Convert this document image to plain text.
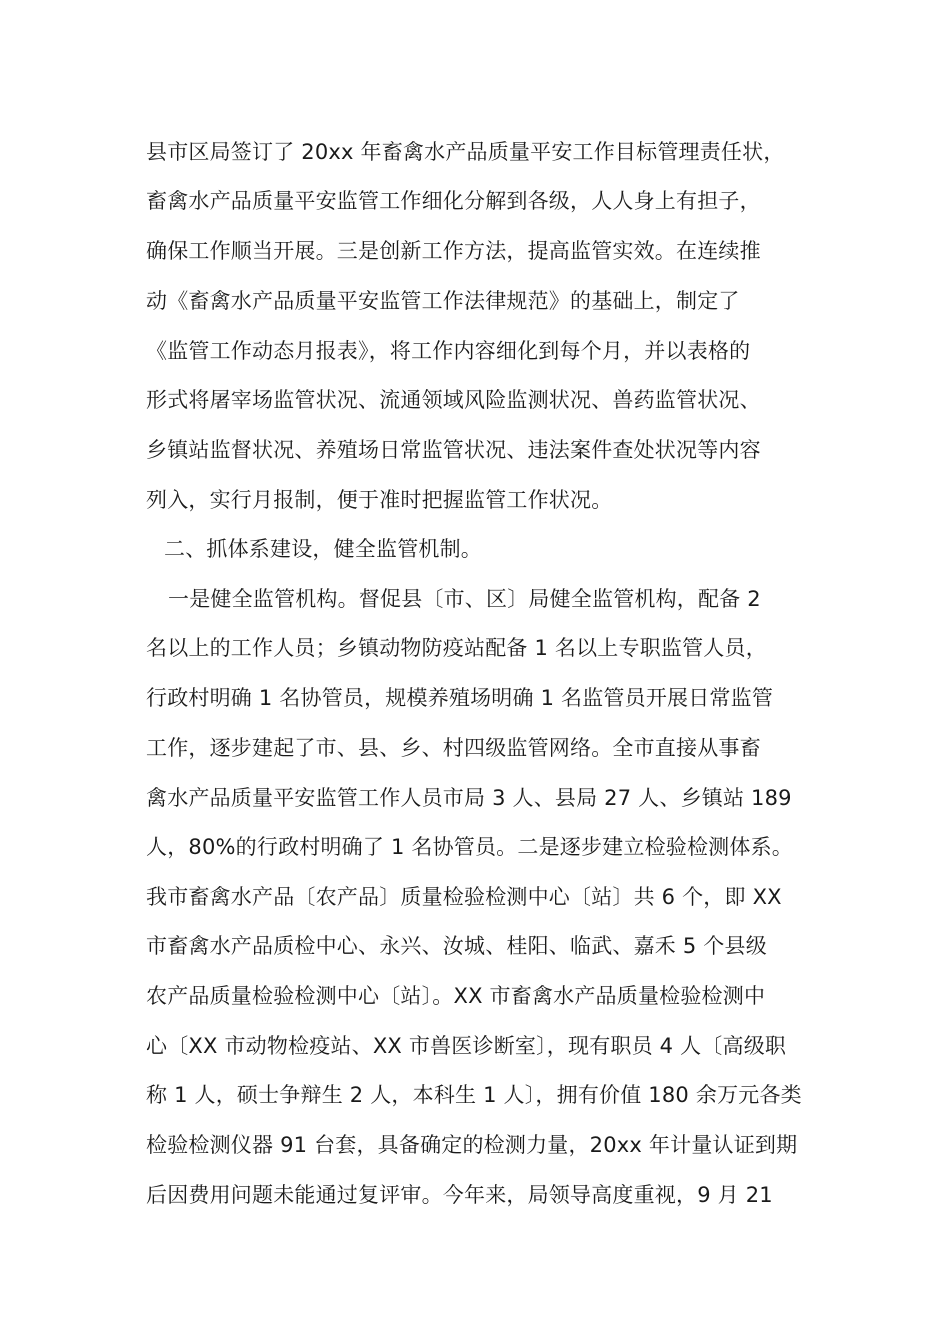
县市区局签订了 20xx 年畜禽水产品质量平安工作目标管理责任状，
畜禽水产品质量平安监管工作细化分解到各级，人人身上有担子，
确保工作顺当开展。三是创新工作方法，提高监管实效。在连续推
动《畜禽水产品质量平安监管工作法律规范》的基础上，制定了
《监管工作动态月报表》，将工作内容细化到每个月，并以表格的
形式将屠宰场监管状况、流通领域风险监测状况、兽药监管状况、
乡镇站监督状况、养殖场日常监管状况、违法案件查处状况等内容
列入，实行月报制，便于准时把握监管工作状况。
二、抓体系建设，健全监管机制。
一是健全监管机构。督促县〔市、区〕局健全监管机构，配备 2
名以上的工作人员；乡镇动物防疫站配备 1 名以上专职监管人员，
行政村明确 1 名协管员，规模养殖场明确 1 名监管员开展日常监管
工作，逐步建起了市、县、乡、村四级监管网络。全市直接从事畜
禽水产品质量平安监管工作人员市局 3 人、县局 27 人、乡镇站 189
人，80%的行政村明确了 1 名协管员。二是逐步建立检验检测体系。
我市畜禽水产品〔农产品〕质量检验检测中心〔站〕共 6 个，即 XX
市畜禽水产品质检中心、永兴、汝城、桂阳、临武、嘉禾 5 个县级
农产品质量检验检测中心〔站〕。XX 市畜禽水产品质量检验检测中
心〔XX 市动物检疫站、XX 市兽医诊断室〕，现有职员 4 人〔高级职
称 1 人，硕士争辩生 2 人，本科生 1 人〕，拥有价值 180 余万元各类
检验检测仪器 91 台套，具备确定的检测力量，20xx 年计量认证到期
后因费用问题未能通过复评审。今年来，局领导高度重视，9 月 21
